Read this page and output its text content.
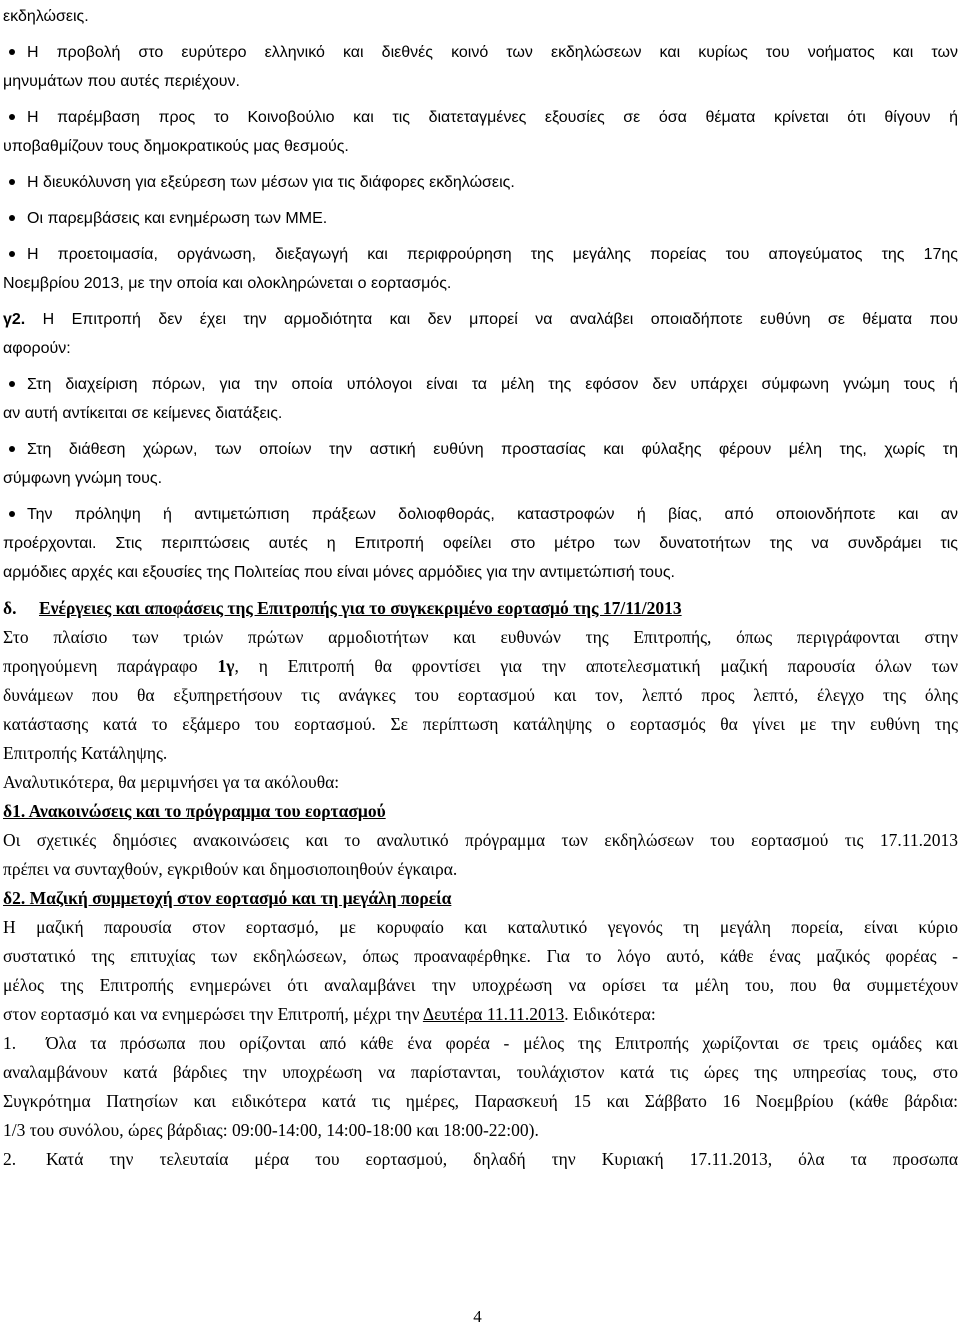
εκδηλώσεις.
Η προβολή στο ευρύτερο ελληνικό και διεθνές κοινό των εκδηλώσεων και κυρίως του νοήματος και των
μηνυμάτων που αυτές περιέχουν.
Η παρέμβαση προς το Κοινοβούλιο και τις διατεταγμένες εξουσίες σε όσα θέματα κρίνεται ότι θίγουν ή
υποβαθμίζουν τους δημοκρατικούς μας θεσμούς.
Η διευκόλυνση για εξεύρεση των μέσων για τις διάφορες εκδηλώσεις.
Οι παρεμβάσεις και ενημέρωση των ΜΜΕ.
Η προετοιμασία, οργάνωση, διεξαγωγή και περιφρούρηση της μεγάλης πορείας του απογεύματος της 17ης
Νοεμβρίου 2013, με την οποία και ολοκληρώνεται ο εορτασμός.
γ2. Η Επιτροπή δεν έχει την αρμοδιότητα και δεν μπορεί να αναλάβει οποιαδήποτε ευθύνη σε θέματα που
αφορούν:
Στη διαχείριση πόρων, για την οποία υπόλογοι είναι τα μέλη της εφόσον δεν υπάρχει σύμφωνη γνώμη τους ή
αν αυτή αντίκειται σε κείμενες διατάξεις.
Στη διάθεση χώρων, των οποίων την αστική ευθύνη προστασίας και φύλαξης φέρουν μέλη της, χωρίς τη
σύμφωνη γνώμη τους.
Την πρόληψη ή αντιμετώπιση πράξεων δολιοφθοράς, καταστροφών ή βίας, από οποιονδήποτε και αν
προέρχονται. Στις περιπτώσεις αυτές η Επιτροπή οφείλει στο μέτρο των δυνατοτήτων της να συνδράμει τις
αρμόδιες αρχές και εξουσίες της Πολιτείας που είναι μόνες αρμόδιες για την αντιμετώπισή τους.
δ. Ενέργειες και αποφάσεις της Επιτροπής για το συγκεκριμένο εορτασμό της 17/11/2013
Στο πλαίσιο των τριών πρώτων αρμοδιοτήτων και ευθυνών της Επιτροπής, όπως περιγράφονται στην
προηγούμενη παράγραφο 1γ, η Επιτροπή θα φροντίσει για την αποτελεσματική μαζική παρουσία όλων των
δυνάμεων που θα εξυπηρετήσουν τις ανάγκες του εορτασμού και τον, λεπτό προς λεπτό, έλεγχο της όλης
κατάστασης κατά το εξάμερο του εορτασμού. Σε περίπτωση κατάληψης ο εορτασμός θα γίνει με την ευθύνη της
Επιτροπής Κατάληψης.
Αναλυτικότερα, θα μεριμνήσει γα τα ακόλουθα:
δ1. Ανακοινώσεις και το πρόγραμμα του εορτασμού
Οι σχετικές δημόσιες ανακοινώσεις και το αναλυτικό πρόγραμμα των εκδηλώσεων του εορτασμού τις 17.11.2013
πρέπει να συνταχθούν, εγκριθούν και δημοσιοποιηθούν έγκαιρα.
δ2. Μαζική συμμετοχή στον εορτασμό και τη μεγάλη πορεία
Η μαζική παρουσία στον εορτασμό, με κορυφαίο και καταλυτικό γεγονός τη μεγάλη πορεία, είναι κύριο
συστατικό της επιτυχίας των εκδηλώσεων, όπως προαναφέρθηκε. Για το λόγο αυτό, κάθε ένας μαζικός φορέας -
μέλος της Επιτροπής ενημερώνει ότι αναλαμβάνει την υποχρέωση να ορίσει τα μέλη του, που θα συμμετέχουν
στον εορτασμό και να ενημερώσει την Επιτροπή, μέχρι την Δευτέρα 11.11.2013. Ειδικότερα:
1. Όλα τα πρόσωπα που ορίζονται από κάθε ένα φορέα - μέλος της Επιτροπής χωρίζονται σε τρεις ομάδες και
αναλαμβάνουν κατά βάρδιες την υποχρέωση να παρίστανται, τουλάχιστον κατά τις ώρες της υπηρεσίας τους, στο
Συγκρότημα Πατησίων και ειδικότερα κατά τις ημέρες, Παρασκευή 15 και Σάββατο 16 Νοεμβρίου (κάθε βάρδια:
1/3 του συνόλου, ώρες βάρδιας: 09:00-14:00, 14:00-18:00 και 18:00-22:00).
2. Κατά την τελευταία μέρα του εορτασμού, δηλαδή την Κυριακή 17.11.2013, όλα τα προσωπα
4
